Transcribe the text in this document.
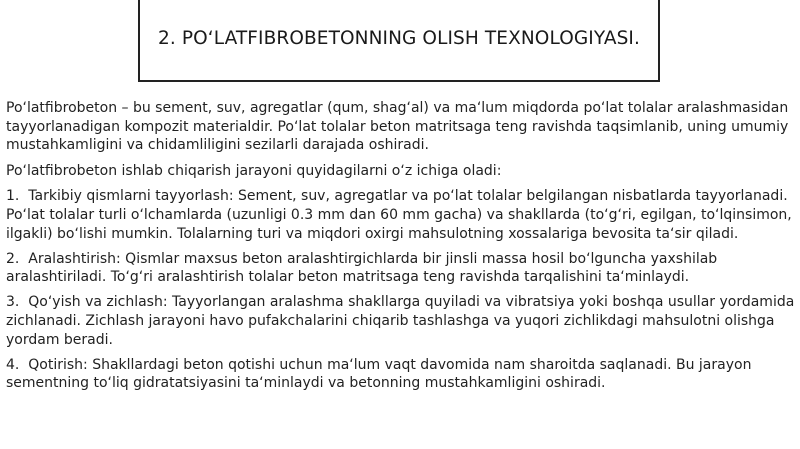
2. PO‘LATFIBROBETONNING OLISH TEXNOLOGIYASI.

Po‘latfibrobeton – bu sement, suv, agregatlar (qum, shag‘al) va ma‘lum miqdorda po‘lat tolalar aralashmasidan tayyorlanadigan kompozit materialdir. Po‘lat tolalar beton matritsaga teng ravishda taqsimlanib, uning umumiy mustahkamligini va chidamliligini sezilarli darajada oshiradi.

Po‘latfibrobeton ishlab chiqarish jarayoni quyidagilarni o‘z ichiga oladi:

1. Tarkibiy qismlarni tayyorlash: Sement, suv, agregatlar va po‘lat tolalar belgilangan nisbatlarda tayyorlanadi. Po‘lat tolalar turli o‘lchamlarda (uzunligi 0.3 mm dan 60 mm gacha) va shakllarda (to‘g‘ri, egilgan, to‘lqinsimon, ilgakli) bo‘lishi mumkin. Tolalarning turi va miqdori oxirgi mahsulotning xossalariga bevosita ta‘sir qiladi.

2. Aralashtirish: Qismlar maxsus beton aralashtirgichlarda bir jinsli massa hosil bo‘lguncha yaxshilab aralashtiriladi. To‘g‘ri aralashtirish tolalar beton matritsaga teng ravishda tarqalishini ta‘minlaydi.

3. Qo‘yish va zichlash: Tayyorlangan aralashma shakllarga quyiladi va vibratsiya yoki boshqa usullar yordamida zichlanadi. Zichlash jarayoni havo pufakchalarini chiqarib tashlashga va yuqori zichlikdagi mahsulotni olishga yordam beradi.

4. Qotirish: Shakllardagi beton qotishi uchun ma‘lum vaqt davomida nam sharoitda saqlanadi. Bu jarayon sementning to‘liq gidratatsiyasini ta‘minlaydi va betonning mustahkamligini oshiradi.
